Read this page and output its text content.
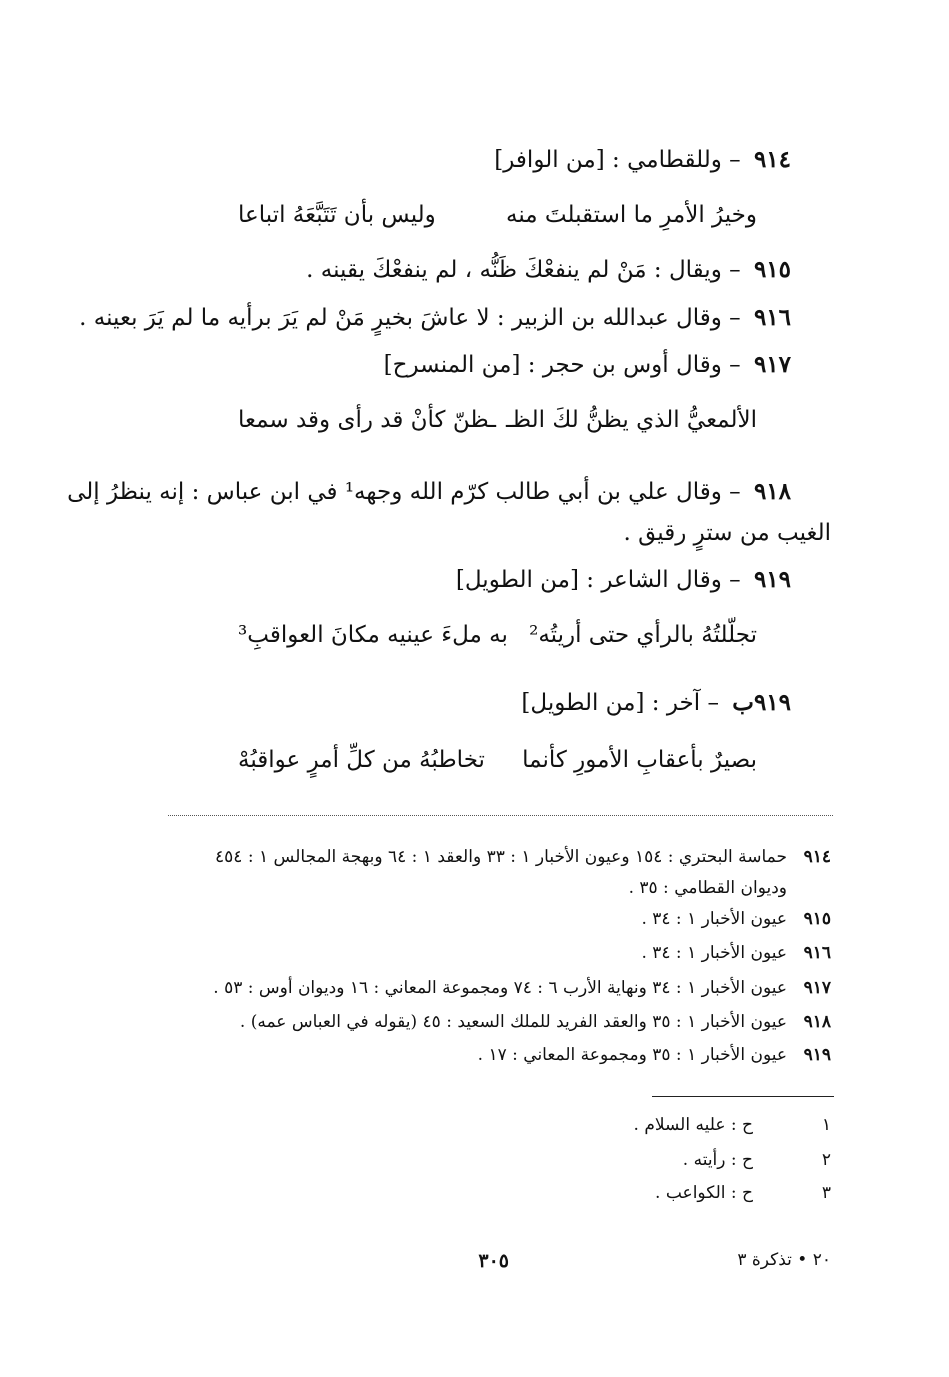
٩١٤ – وللقطامي : [من الوافر]
وخيرُ الأمرِ ما استقبلتَ منه
وليس بأن تَتَبَّعَهُ اتباعا
٩١٥ – ويقال : مَنْ لم ينفعْكَ ظَنُّه ، لم ينفعْكَ يقينه .
٩١٦ – وقال عبدالله بن الزبير : لا عاشَ بخيرٍ مَنْ لم يَرَ برأيه ما لم يَرَ بعينه .
٩١٧ – وقال أوس بن حجر : [من المنسرح]
الألمعيُّ الذي يظنُّ لكَ الظـ
ـظنّ كأنْ قد رأى وقد سمعا
٩١٨ – وقال علي بن أبي طالب كرّم الله وجهه¹ في ابن عباس : إنه ينظرُ إلى
الغيب من سترٍ رقيق .
٩١٩ – وقال الشاعر : [من الطويل]
تجلّلتُهُ بالرأي حتى أريتُه²
به ملءَ عينيه مكانَ العواقبِ³
٩١٩ب – آخر : [من الطويل]
بصيرٌ بأعقابِ الأمورِ كأنما
تخاطبُهُ من كلِّ أمرٍ عواقبُهْ
٩١٤حماسة البحتري : ١٥٤ وعيون الأخبار ١ : ٣٣ والعقد ١ : ٦٤ وبهجة المجالس ١ : ٤٥٤
وديوان القطامي : ٣٥ .
٩١٥عيون الأخبار ١ : ٣٤ .
٩١٦عيون الأخبار ١ : ٣٤ .
٩١٧عيون الأخبار ١ : ٣٤ ونهاية الأرب ٦ : ٧٤ ومجموعة المعاني : ١٦ وديوان أوس : ٥٣ .
٩١٨عيون الأخبار ١ : ٣٥ والعقد الفريد للملك السعيد : ٤٥ (يقوله في العباس عمه) .
٩١٩عيون الأخبار ١ : ٣٥ ومجموعة المعاني : ١٧ .
١ح : عليه السلام .
٢ح : رأيته .
٣ح : الكواعب .
٢٠ • تذكرة ٣
٣٠٥
